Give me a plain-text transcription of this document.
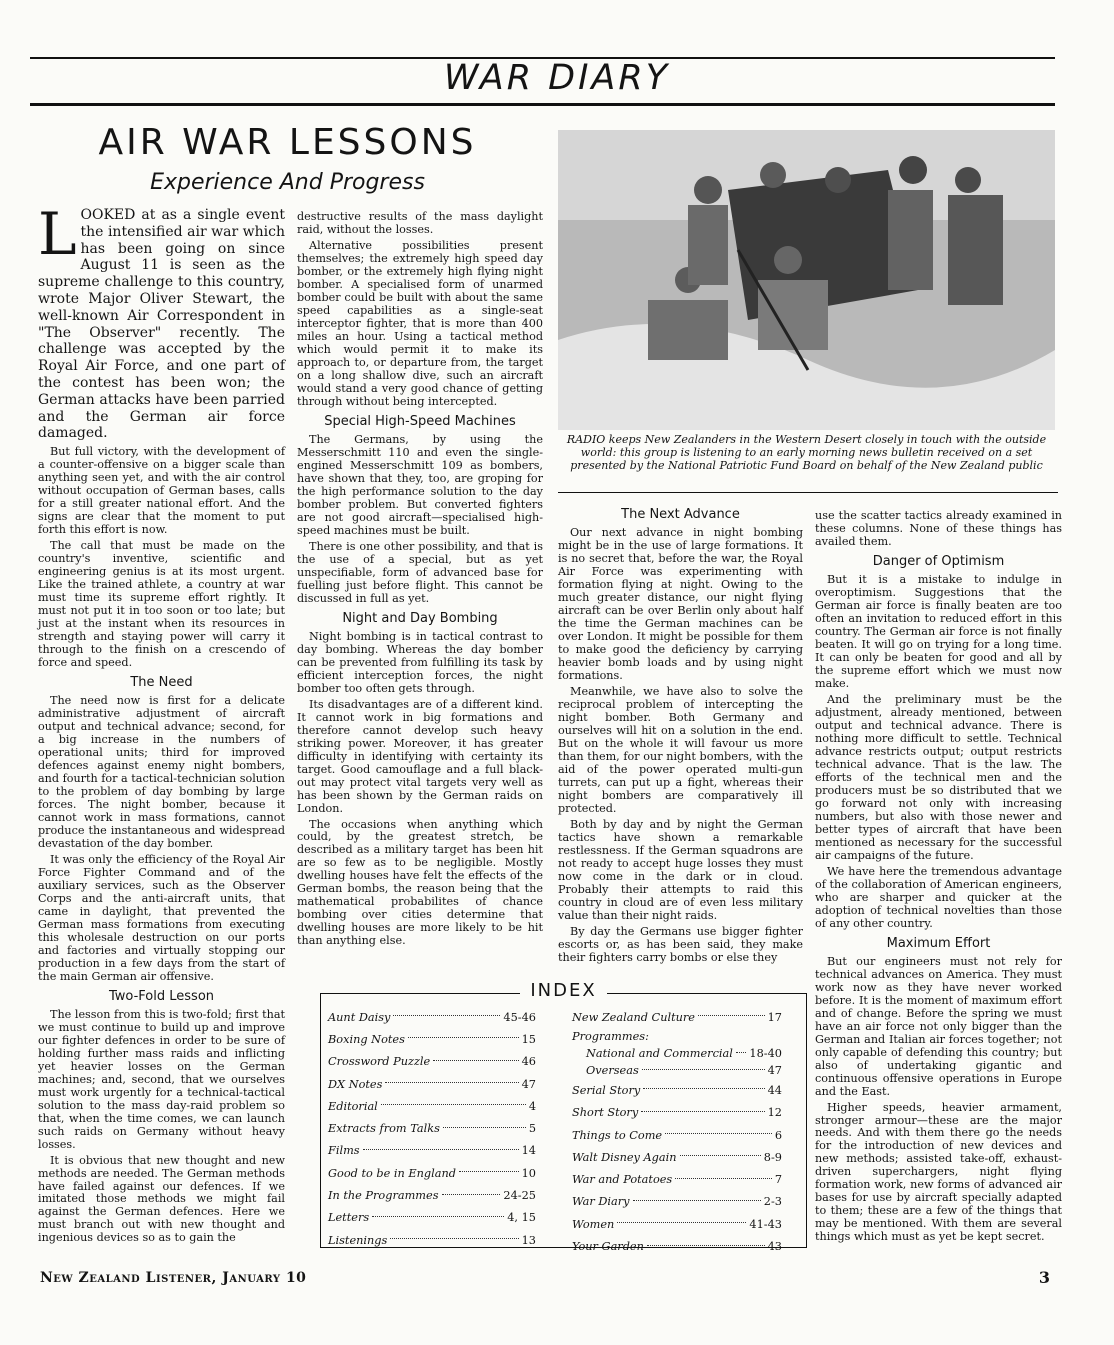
WAR DIARY
AIR WAR LESSONS
Experience And Progress

LOOKED at as a single event the intensified air war which has been going on since August 11 is seen as the supreme challenge to this country, wrote Major Oliver Stewart, the well-known Air Correspondent in "The Observer" recently. The challenge was accepted by the Royal Air Force, and one part of the contest has been won; the German attacks have been parried and the German air force damaged.

But full victory, with the development of a counter-offensive on a bigger scale than anything seen yet, and with the air control without occupation of German bases, calls for a still greater national effort. And the signs are clear that the moment to put forth this effort is now.

The call that must be made on the country's inventive, scientific and engineering genius is at its most urgent. Like the trained athlete, a country at war must time its supreme effort rightly. It must not put it in too soon or too late; but just at the instant when its resources in strength and staying power will carry it through to the finish on a crescendo of force and speed.

The Need

The need now is first for a delicate administrative adjustment of aircraft output and technical advance; second, for a big increase in the numbers of operational units; third for improved defences against enemy night bombers, and fourth for a tactical-technician solution to the problem of day bombing by large forces. The night bomber, because it cannot work in mass formations, cannot produce the instantaneous and widespread devastation of the day bomber.

It was only the efficiency of the Royal Air Force Fighter Command and of the auxiliary services, such as the Observer Corps and the anti-aircraft units, that came in daylight, that prevented the German mass formations from executing this wholesale destruction on our ports and factories and virtually stopping our production in a few days from the start of the main German air offensive.

Two-Fold Lesson

The lesson from this is two-fold; first that we must continue to build up and improve our fighter defences in order to be sure of holding further mass raids and inflicting yet heavier losses on the German machines; and, second, that we ourselves must work urgently for a technical-tactical solution to the mass day-raid problem so that, when the time comes, we can launch such raids on Germany without heavy losses.

It is obvious that new thought and new methods are needed. The German methods have failed against our defences. If we imitated those methods we might fail against the German defences. Here we must branch out with new thought and ingenious devices so as to gain the

destructive results of the mass daylight raid, without the losses.

Alternative possibilities present themselves; the extremely high speed day bomber, or the extremely high flying night bomber. A specialised form of unarmed bomber could be built with about the same speed capabilities as a single-seat interceptor fighter, that is more than 400 miles an hour. Using a tactical method which would permit it to make its approach to, or departure from, the target on a long shallow dive, such an aircraft would stand a very good chance of getting through without being intercepted.

Special High-Speed Machines

The Germans, by using the Messerschmitt 110 and even the single-engined Messerschmitt 109 as bombers, have shown that they, too, are groping for the high performance solution to the day bomber problem. But converted fighters are not good aircraft—specialised high-speed machines must be built.

There is one other possibility, and that is the use of a special, but as yet unspecifiable, form of advanced base for fuelling just before flight. This cannot be discussed in full as yet.

Night and Day Bombing

Night bombing is in tactical contrast to day bombing. Whereas the day bomber can be prevented from fulfilling its task by efficient interception forces, the night bomber too often gets through.

Its disadvantages are of a different kind. It cannot work in big formations and therefore cannot develop such heavy striking power. Moreover, it has greater difficulty in identifying with certainty its target. Good camouflage and a full black-out may protect vital targets very well as has been shown by the German raids on London.

The occasions when anything which could, by the greatest stretch, be described as a military target has been hit are so few as to be negligible. Mostly dwelling houses have felt the effects of the German bombs, the reason being that the mathematical probabilites of chance bombing over cities determine that dwelling houses are more likely to be hit than anything else.

RADIO keeps New Zealanders in the Western Desert closely in touch with the outside world: this group is listening to an early morning news bulletin received on a set presented by the National Patriotic Fund Board on behalf of the New Zealand public
The Next Advance

Our next advance in night bombing might be in the use of large formations. It is no secret that, before the war, the Royal Air Force was experimenting with formation flying at night. Owing to the much greater distance, our night flying aircraft can be over Berlin only about half the time the German machines can be over London. It might be possible for them to make good the deficiency by carrying heavier bomb loads and by using night formations.

Meanwhile, we have also to solve the reciprocal problem of intercepting the night bomber. Both Germany and ourselves will hit on a solution in the end. But on the whole it will favour us more than them, for our night bombers, with the aid of the power operated multi-gun turrets, can put up a fight, whereas their night bombers are comparatively ill protected.

Both by day and by night the German tactics have shown a remarkable restlessness. If the German squadrons are not ready to accept huge losses they must now come in the dark or in cloud. Probably their attempts to raid this country in cloud are of even less military value than their night raids.

By day the Germans use bigger fighter escorts or, as has been said, they make their fighters carry bombs or else they

use the scatter tactics already examined in these columns. None of these things has availed them.

Danger of Optimism

But it is a mistake to indulge in overoptimism. Suggestions that the German air force is finally beaten are too often an invitation to reduced effort in this country. The German air force is not finally beaten. It will go on trying for a long time. It can only be beaten for good and all by the supreme effort which we must now make.

And the preliminary must be the adjustment, already mentioned, between output and technical advance. There is nothing more difficult to settle. Technical advance restricts output; output restricts technical advance. That is the law. The efforts of the technical men and the producers must be so distributed that we go forward not only with increasing numbers, but also with those newer and better types of aircraft that have been mentioned as necessary for the successful air campaigns of the future.

We have here the tremendous advantage of the collaboration of American engineers, who are sharper and quicker at the adoption of technical novelties than those of any other country.

Maximum Effort

But our engineers must not rely for technical advances on America. They must work now as they have never worked before. It is the moment of maximum effort and of change. Before the spring we must have an air force not only bigger than the German and Italian air forces together; not only capable of defending this country; but also of undertaking gigantic and continuous offensive operations in Europe and the East.

Higher speeds, heavier armament, stronger armour—these are the major needs. And with them there go the needs for the introduction of new devices and new methods; assisted take-off, exhaust-driven superchargers, night flying formation work, new forms of advanced air bases for use by aircraft specially adapted to them; these are a few of the things that may be mentioned. With them are several things which must as yet be kept secret.

INDEX
Aunt Daisy	45-46
Boxing Notes	15
Crossword Puzzle	46
DX Notes	47
Editorial	4
Extracts from Talks	5
Films	14
Good to be in England	10
In the Programmes	24-25
Letters	4, 15
Listenings	13
New Zealand Culture	17
Programmes:
National and Commercial 18-40
Overseas	47
Serial Story	44
Short Story	12
Things to Come	6
Walt Disney Again	8-9
War and Potatoes	7
War Diary	2-3
Women	41-43
Your Garden	43
New Zealand Listener, January 10	3
